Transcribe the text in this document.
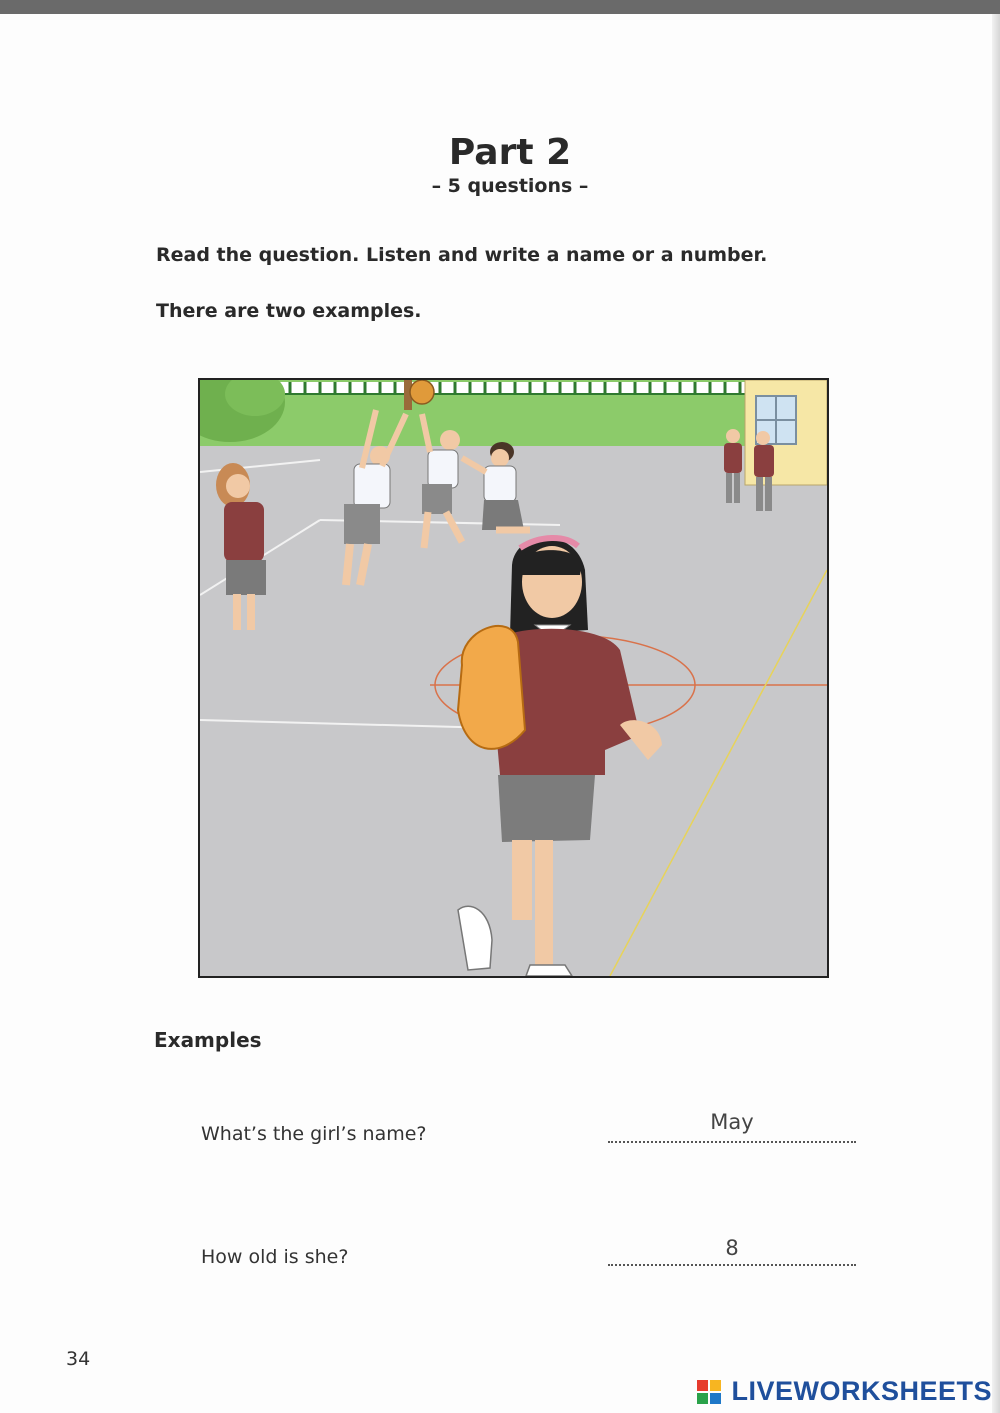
Part 2
– 5 questions –
Read the question. Listen and write a name or a number.
There are two examples.
Examples
What’s the girl’s name?	May
How old is she?	8
34
LIVEWORKSHEETS
